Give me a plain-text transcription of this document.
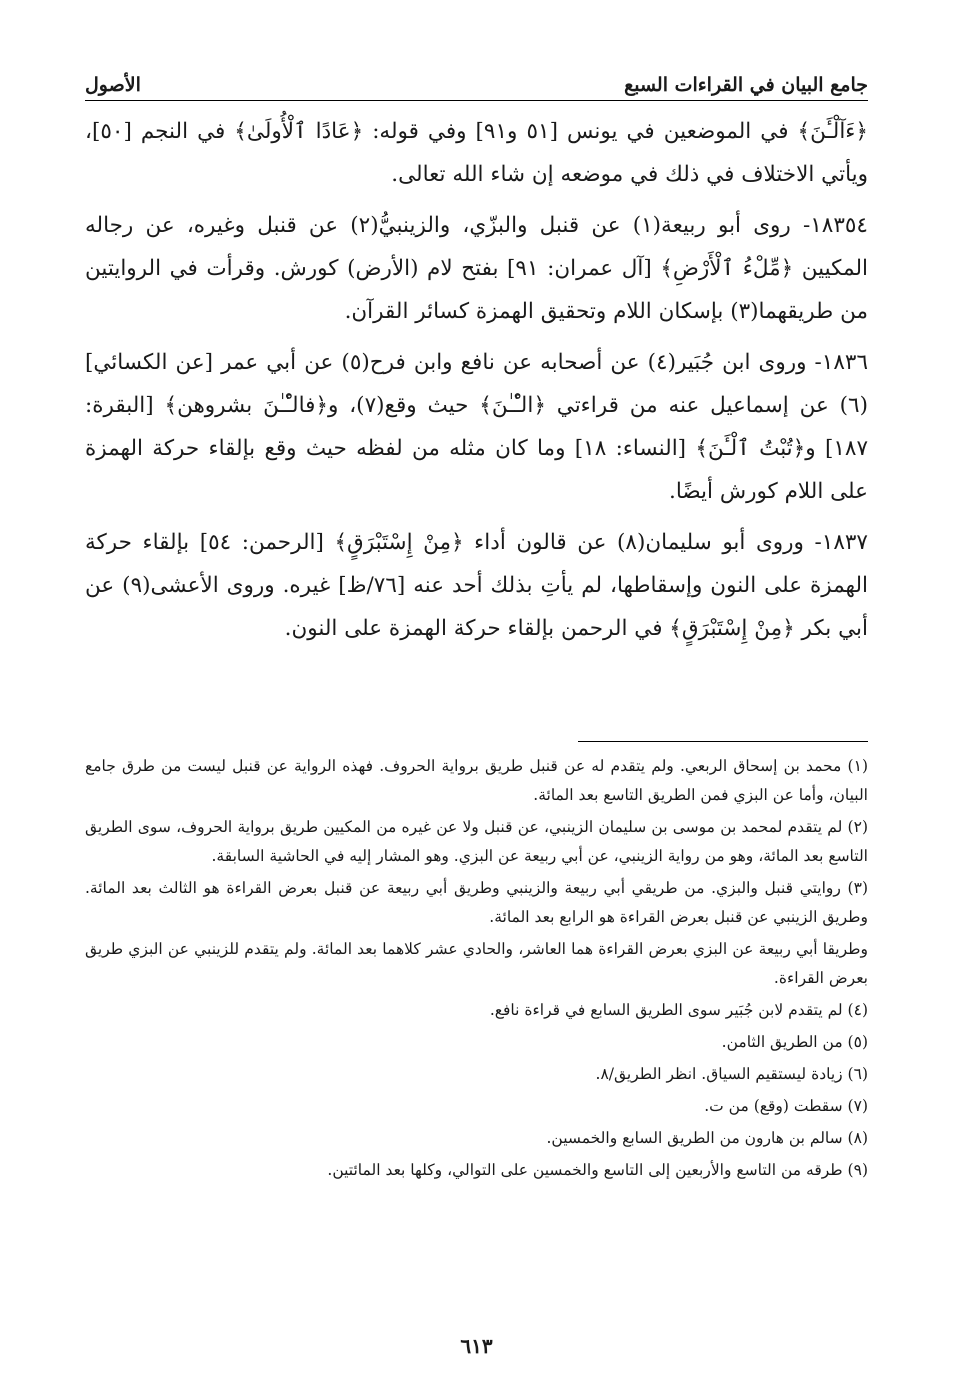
جامع البيان في القراءات السبع
الأصول

﴿ءَآلْـَٔنَ﴾ في الموضعين في يونس [٥١ و٩١] وفي قوله: ﴿عَادًا ٱلْأُولَىٰ﴾ في النجم [٥٠]، ويأتي الاختلاف في ذلك في موضعه إن شاء الله تعالى.

١٨٣٥٤- روى أبو ربيعة(١) عن قنبل والبزّي، والزينبيُّ(٢) عن قنبل وغيره، عن رجاله المكيين ﴿مِّلْءُ ٱلْأَرْضِ﴾ [آل عمران: ٩١] بفتح لام (الأرض) كورش. وقرأت في الروايتين من طريقهما(٣) بإسكان اللام وتحقيق الهمزة كسائر القرآن.

١٨٣٦- وروى ابن جُبَير(٤) عن أصحابه عن نافع وابن فرح(٥) عن أبي عمر [عن الكسائي](٦) عن إسماعيل عنه من قراءتي ﴿الـْٔـٰنَ﴾ حيث وقع(٧)، و﴿فالـْٔـٰنَ بشروهن﴾ [البقرة: ١٨٧] و﴿تُبْتُ ٱلْـَٔنَ﴾ [النساء: ١٨] وما كان مثله من لفظه حيث وقع بإلقاء حركة الهمزة على اللام كورش أيضًا.

١٨٣٧- وروى أبو سليمان(٨) عن قالون أداء ﴿مِنْ إِسْتَبْرَقٍ﴾ [الرحمن: ٥٤] بإلقاء حركة الهمزة على النون وإسقاطها، لم يأتِ بذلك أحد عنه [٧٦/ظ] غيره. وروى الأعشى(٩) عن أبي بكر ﴿مِنْ إِسْتَبْرَقٍ﴾ في الرحمن بإلقاء حركة الهمزة على النون.

(١) محمد بن إسحاق الربعي. ولم يتقدم له عن قنبل طريق برواية الحروف. فهذه الرواية عن قنبل ليست من طرق جامع البيان، وأما عن البزي فمن الطريق التاسع بعد المائة.

(٢) لم يتقدم لمحمد بن موسى بن سليمان الزينبي، عن قنبل ولا عن غيره من المكيين طريق برواية الحروف، سوى الطريق التاسع بعد المائة، وهو من رواية الزينبي، عن أبي ربيعة عن البزي. وهو المشار إليه في الحاشية السابقة.

(٣) روايتي قنبل والبزي. من طريقي أبي ربيعة والزينبي وطريق أبي ربيعة عن قنبل بعرض القراءة هو الثالث بعد المائة. وطريق الزينبي عن قنبل بعرض القراءة هو الرابع بعد المائة.

وطريقا أبي ربيعة عن البزي بعرض القراءة هما العاشر، والحادي عشر كلاهما بعد المائة. ولم يتقدم للزينبي عن البزي طريق بعرض القراءة.

(٤) لم يتقدم لابن جُبَير سوى الطريق السابع في قراءة نافع.

(٥) من الطريق الثامن.

(٦) زيادة ليستقيم السياق. انظر الطريق/٨.

(٧) سقطت (وقع) من ت.

(٨) سالم بن هارون من الطريق السابع والخمسين.

(٩) طرقه من التاسع والأربعين إلى التاسع والخمسين على التوالي، وكلها بعد المائتين.

٦١٣
